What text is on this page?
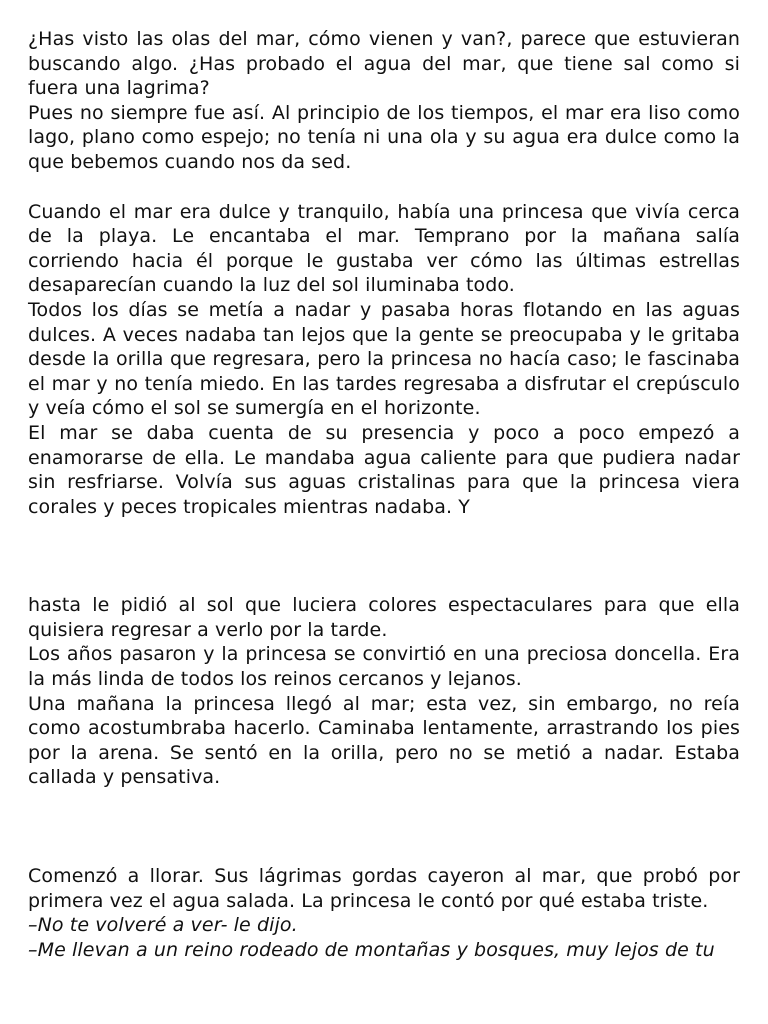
¿Has visto las olas del mar, cómo vienen y van?, parece que estuvieran buscando algo. ¿Has probado el agua del mar, que tiene sal como si fuera una lagrima?

Pues no siempre fue así. Al principio de los tiempos, el mar era liso como lago, plano como espejo; no tenía ni una ola y su agua era dulce como la que bebemos cuando nos da sed.

Cuando el mar era dulce y tranquilo, había una princesa que vivía cerca de la playa. Le encantaba el mar. Temprano por la mañana salía corriendo hacia él porque le gustaba ver cómo las últimas estrellas desaparecían cuando la luz del sol iluminaba todo.

Todos los días se metía a nadar y pasaba horas flotando en las aguas dulces. A veces nadaba tan lejos que la gente se preocupaba y le gritaba desde la orilla que regresara, pero la princesa no hacía caso; le fascinaba el mar y no tenía miedo. En las tardes regresaba a disfrutar el crepúsculo y veía cómo el sol se sumergía en el horizonte.

El mar se daba cuenta de su presencia y poco a poco empezó a enamorarse de ella. Le mandaba agua caliente para que pudiera nadar sin resfriarse. Volvía sus aguas cristalinas para que la princesa viera corales y peces tropicales mientras nadaba. Y

hasta le pidió al sol que luciera colores espectaculares para que ella quisiera regresar a verlo por la tarde.

Los años pasaron y la princesa se convirtió en una preciosa doncella. Era la más linda de todos los reinos cercanos y lejanos.

Una mañana la princesa llegó al mar; esta vez, sin embargo, no reía como acostumbraba hacerlo. Caminaba lentamente, arrastrando los pies por la arena. Se sentó en la orilla, pero no se metió a nadar. Estaba callada y pensativa.

Comenzó a llorar. Sus lágrimas gordas cayeron al mar, que probó por primera vez el agua salada. La princesa le contó por qué estaba triste.

–No te volveré a ver- le dijo.

–Me llevan a un reino rodeado de montañas y bosques, muy lejos de tu
